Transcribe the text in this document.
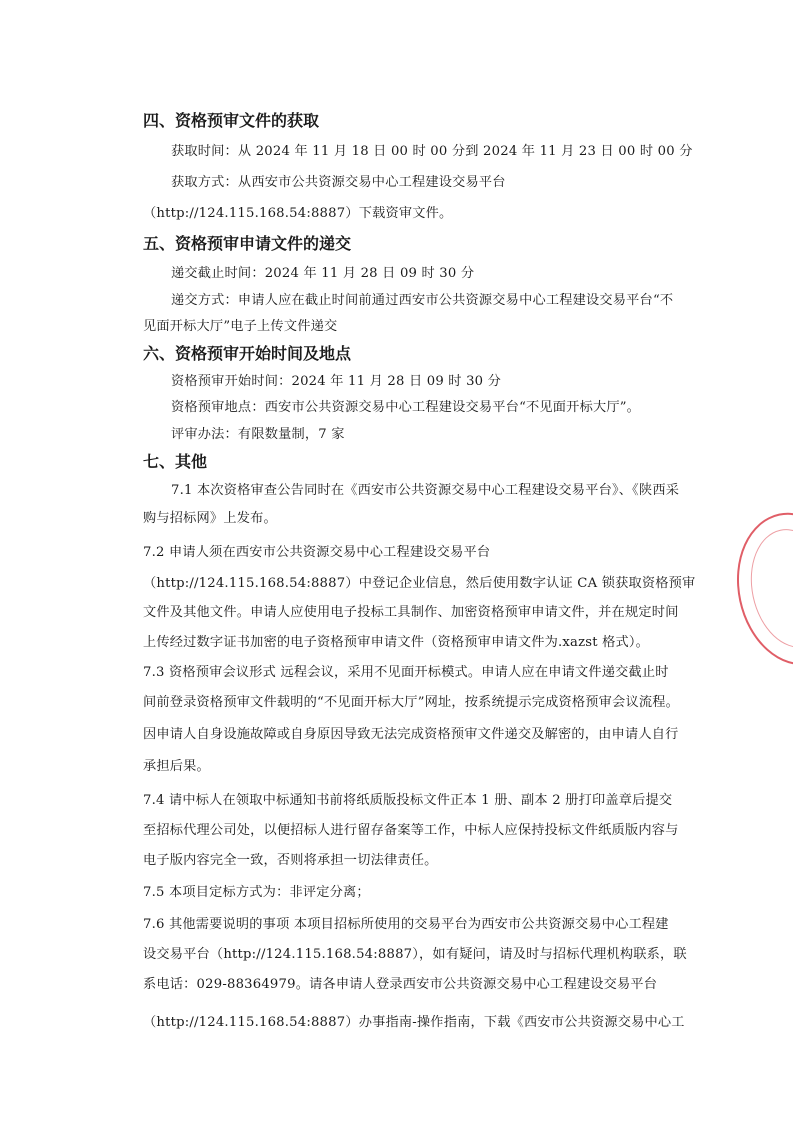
四、资格预审文件的获取
获取时间：从 2024 年 11 月 18 日 00 时 00 分到 2024 年 11 月 23 日 00 时 00 分
获取方式：从西安市公共资源交易中心工程建设交易平台
（http://124.115.168.54:8887）下载资审文件。
五、资格预审申请文件的递交
递交截止时间：2024 年 11 月 28 日 09 时 30 分
递交方式：申请人应在截止时间前通过西安市公共资源交易中心工程建设交易平台“不
见面开标大厅”电子上传文件递交
六、资格预审开始时间及地点
资格预审开始时间：2024 年 11 月 28 日 09 时 30 分
资格预审地点：西安市公共资源交易中心工程建设交易平台“不见面开标大厅”。
评审办法：有限数量制，7 家
七、其他
7.1 本次资格审查公告同时在《西安市公共资源交易中心工程建设交易平台》、《陕西采
购与招标网》上发布。
7.2 申请人须在西安市公共资源交易中心工程建设交易平台
（http://124.115.168.54:8887）中登记企业信息，然后使用数字认证 CA 锁获取资格预审
文件及其他文件。申请人应使用电子投标工具制作、加密资格预审申请文件，并在规定时间
上传经过数字证书加密的电子资格预审申请文件（资格预审申请文件为.xazst 格式）。
7.3 资格预审会议形式 远程会议，采用不见面开标模式。申请人应在申请文件递交截止时
间前登录资格预审文件载明的“不见面开标大厅”网址，按系统提示完成资格预审会议流程。
因申请人自身设施故障或自身原因导致无法完成资格预审文件递交及解密的，由申请人自行
承担后果。
7.4 请中标人在领取中标通知书前将纸质版投标文件正本 1 册、副本 2 册打印盖章后提交
至招标代理公司处，以便招标人进行留存备案等工作，中标人应保持投标文件纸质版内容与
电子版内容完全一致，否则将承担一切法律责任。
7.5 本项目定标方式为：非评定分离；
7.6 其他需要说明的事项 本项目招标所使用的交易平台为西安市公共资源交易中心工程建
设交易平台（http://124.115.168.54:8887），如有疑问，请及时与招标代理机构联系，联
系电话：029-88364979。请各申请人登录西安市公共资源交易中心工程建设交易平台
（http://124.115.168.54:8887）办事指南-操作指南，下载《西安市公共资源交易中心工
